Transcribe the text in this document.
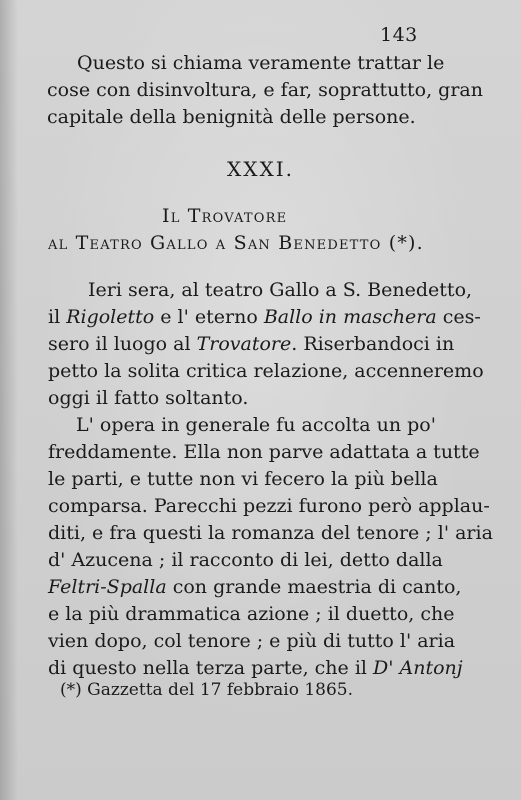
143
Questo si chiama veramente trattar le
cose con disinvoltura, e far, soprattutto, gran
capitale della benignità delle persone.
XXXI.
Il Trovatore
al Teatro Gallo a San Benedetto (*).
Ieri sera, al teatro Gallo a S. Benedetto,
il Rigoletto e l' eterno Ballo in maschera ces-
sero il luogo al Trovatore. Riserbandoci in
petto la solita critica relazione, accenneremo
oggi il fatto soltanto.
L' opera in generale fu accolta un po'
freddamente. Ella non parve adattata a tutte
le parti, e tutte non vi fecero la più bella
comparsa. Parecchi pezzi furono però applau-
diti, e fra questi la romanza del tenore ; l' aria
d' Azucena ; il racconto di lei, detto dalla
Feltri-Spalla con grande maestria di canto,
e la più drammatica azione ; il duetto, che
vien dopo, col tenore ; e più di tutto l' aria
di questo nella terza parte, che il D' Antonj
(*) Gazzetta del 17 febbraio 1865.
